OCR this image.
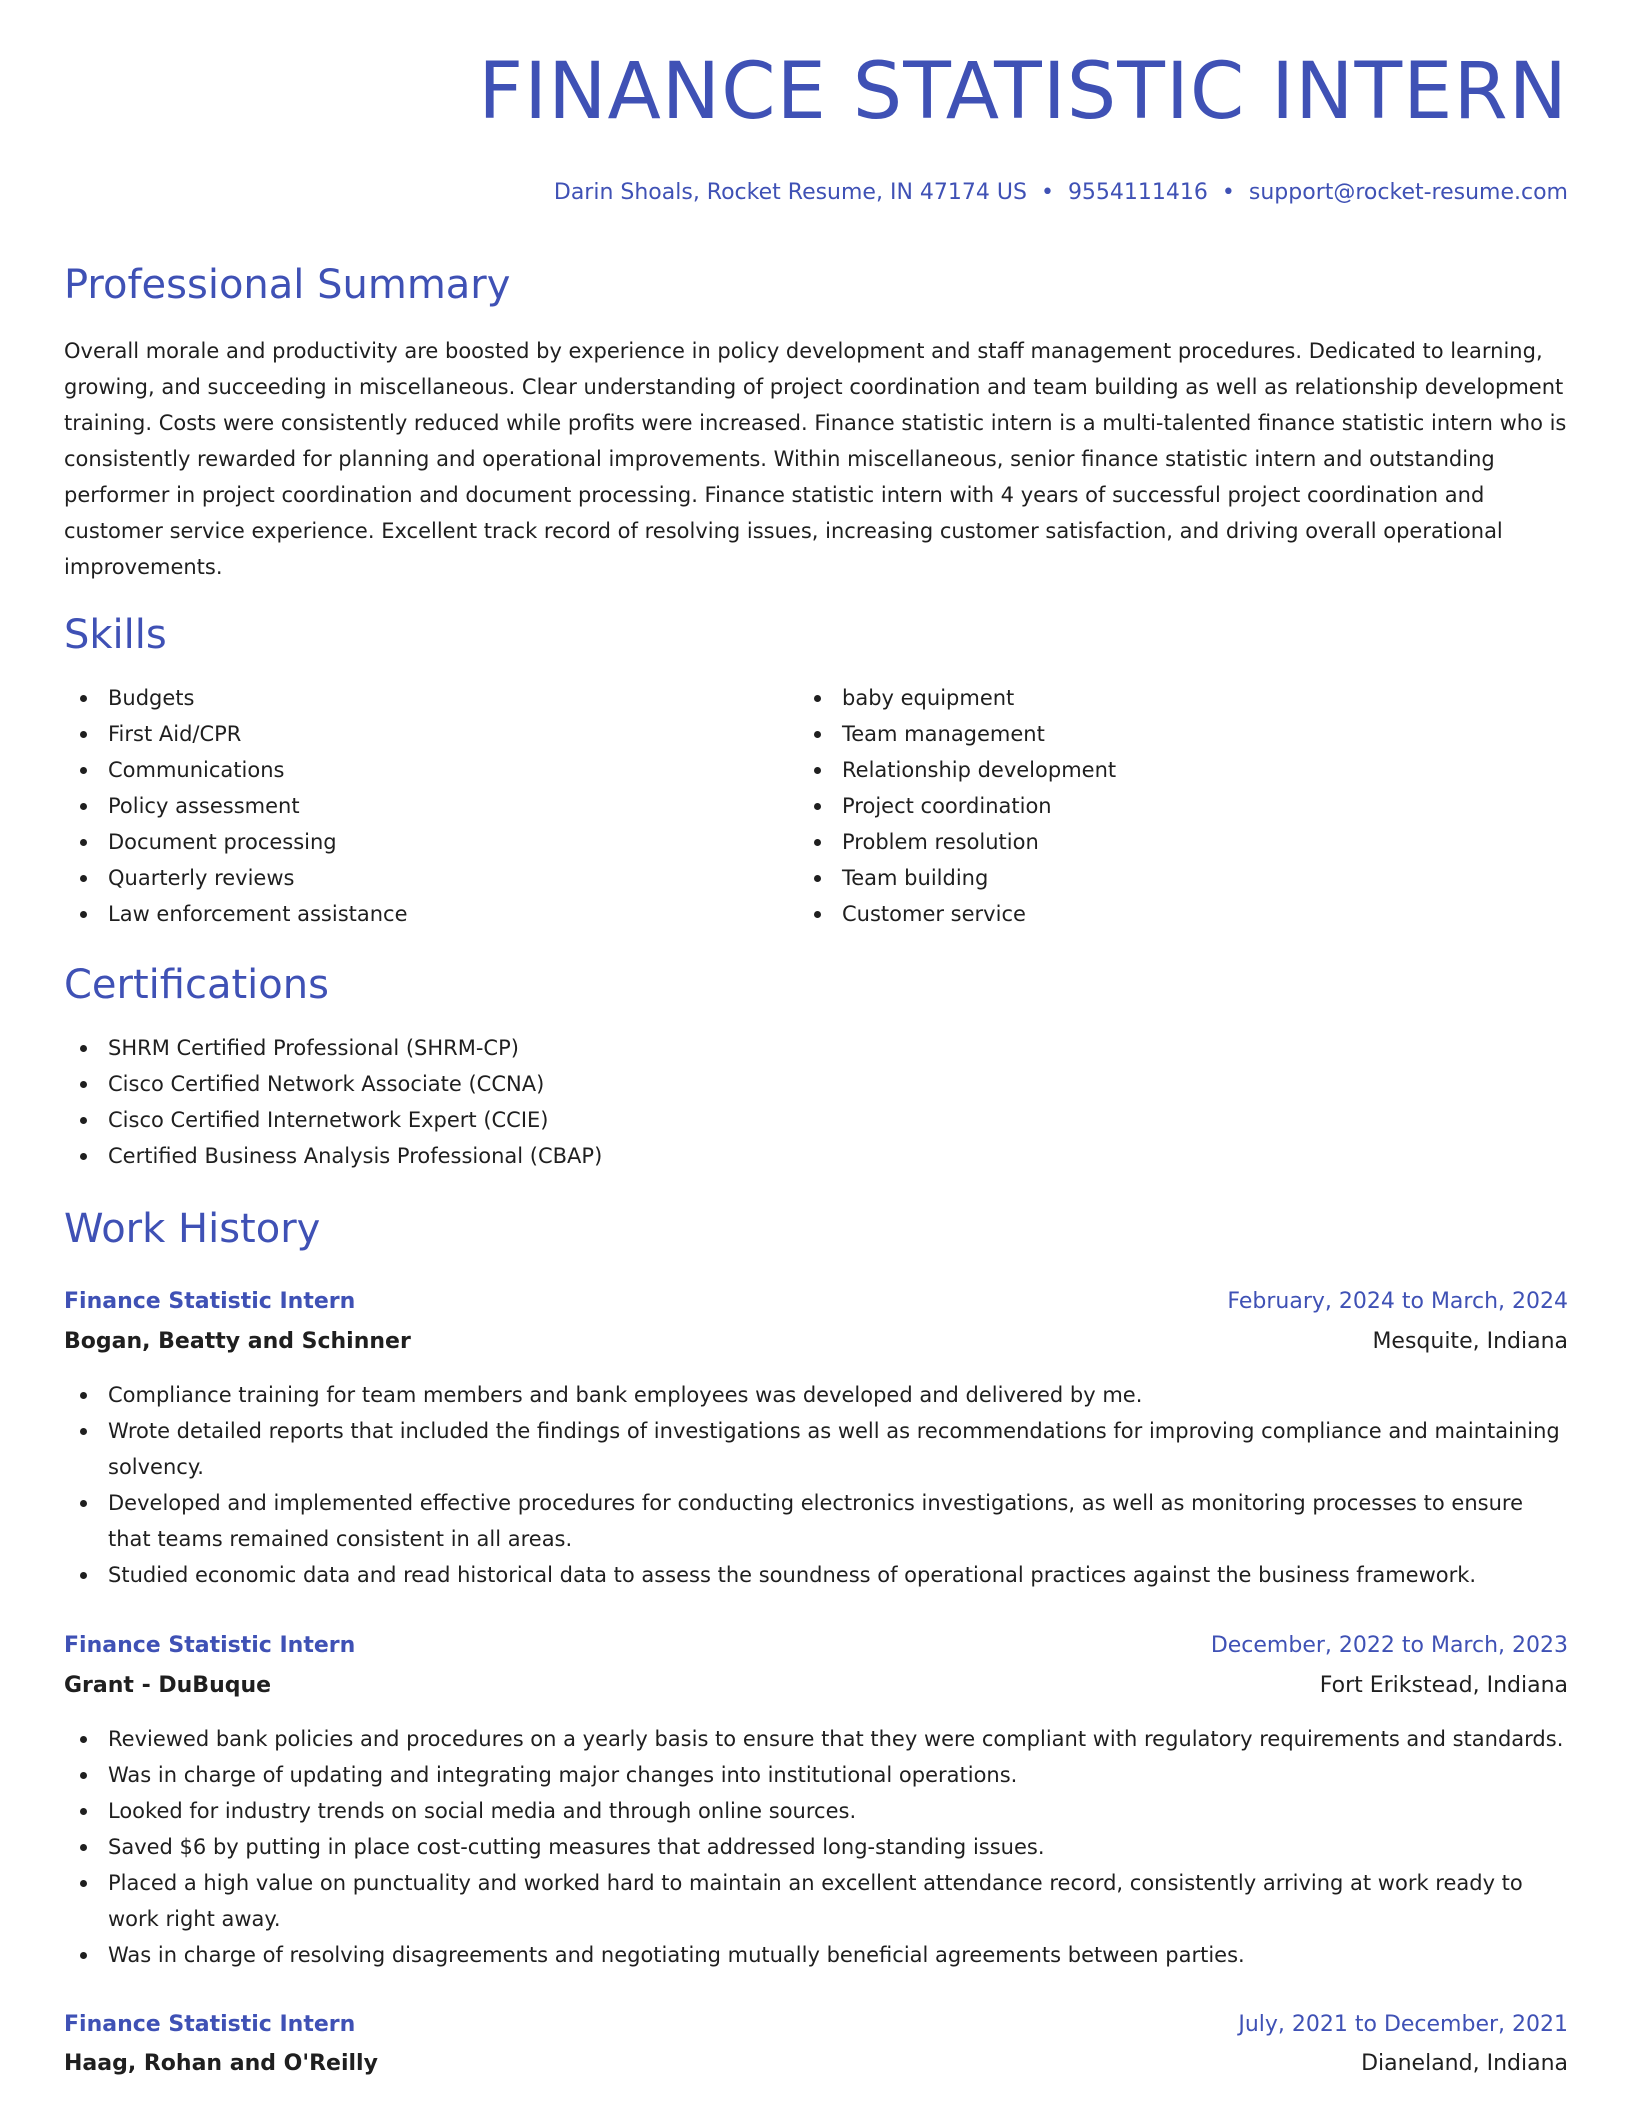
FINANCE STATISTIC INTERN
Darin Shoals, Rocket Resume, IN 47174 US • 9554111416 • support@rocket-resume.com
Professional Summary
Overall morale and productivity are boosted by experience in policy development and staff management procedures. Dedicated to learning, growing, and succeeding in miscellaneous. Clear understanding of project coordination and team building as well as relationship development training. Costs were consistently reduced while profits were increased. Finance statistic intern is a multi-talented finance statistic intern who is consistently rewarded for planning and operational improvements. Within miscellaneous, senior finance statistic intern and outstanding performer in project coordination and document processing. Finance statistic intern with 4 years of successful project coordination and customer service experience. Excellent track record of resolving issues, increasing customer satisfaction, and driving overall operational improvements.
Skills
Budgets
First Aid/CPR
Communications
Policy assessment
Document processing
Quarterly reviews
Law enforcement assistance
baby equipment
Team management
Relationship development
Project coordination
Problem resolution
Team building
Customer service
Certifications
SHRM Certified Professional (SHRM-CP)
Cisco Certified Network Associate (CCNA)
Cisco Certified Internetwork Expert (CCIE)
Certified Business Analysis Professional (CBAP)
Work History
Finance Statistic Intern	February, 2024 to March, 2024
Bogan, Beatty and Schinner	Mesquite, Indiana
Compliance training for team members and bank employees was developed and delivered by me.
Wrote detailed reports that included the findings of investigations as well as recommendations for improving compliance and maintaining solvency.
Developed and implemented effective procedures for conducting electronics investigations, as well as monitoring processes to ensure that teams remained consistent in all areas.
Studied economic data and read historical data to assess the soundness of operational practices against the business framework.
Finance Statistic Intern	December, 2022 to March, 2023
Grant - DuBuque	Fort Erikstead, Indiana
Reviewed bank policies and procedures on a yearly basis to ensure that they were compliant with regulatory requirements and standards.
Was in charge of updating and integrating major changes into institutional operations.
Looked for industry trends on social media and through online sources.
Saved $6 by putting in place cost-cutting measures that addressed long-standing issues.
Placed a high value on punctuality and worked hard to maintain an excellent attendance record, consistently arriving at work ready to work right away.
Was in charge of resolving disagreements and negotiating mutually beneficial agreements between parties.
Finance Statistic Intern	July, 2021 to December, 2021
Haag, Rohan and O'Reilly	Dianeland, Indiana
